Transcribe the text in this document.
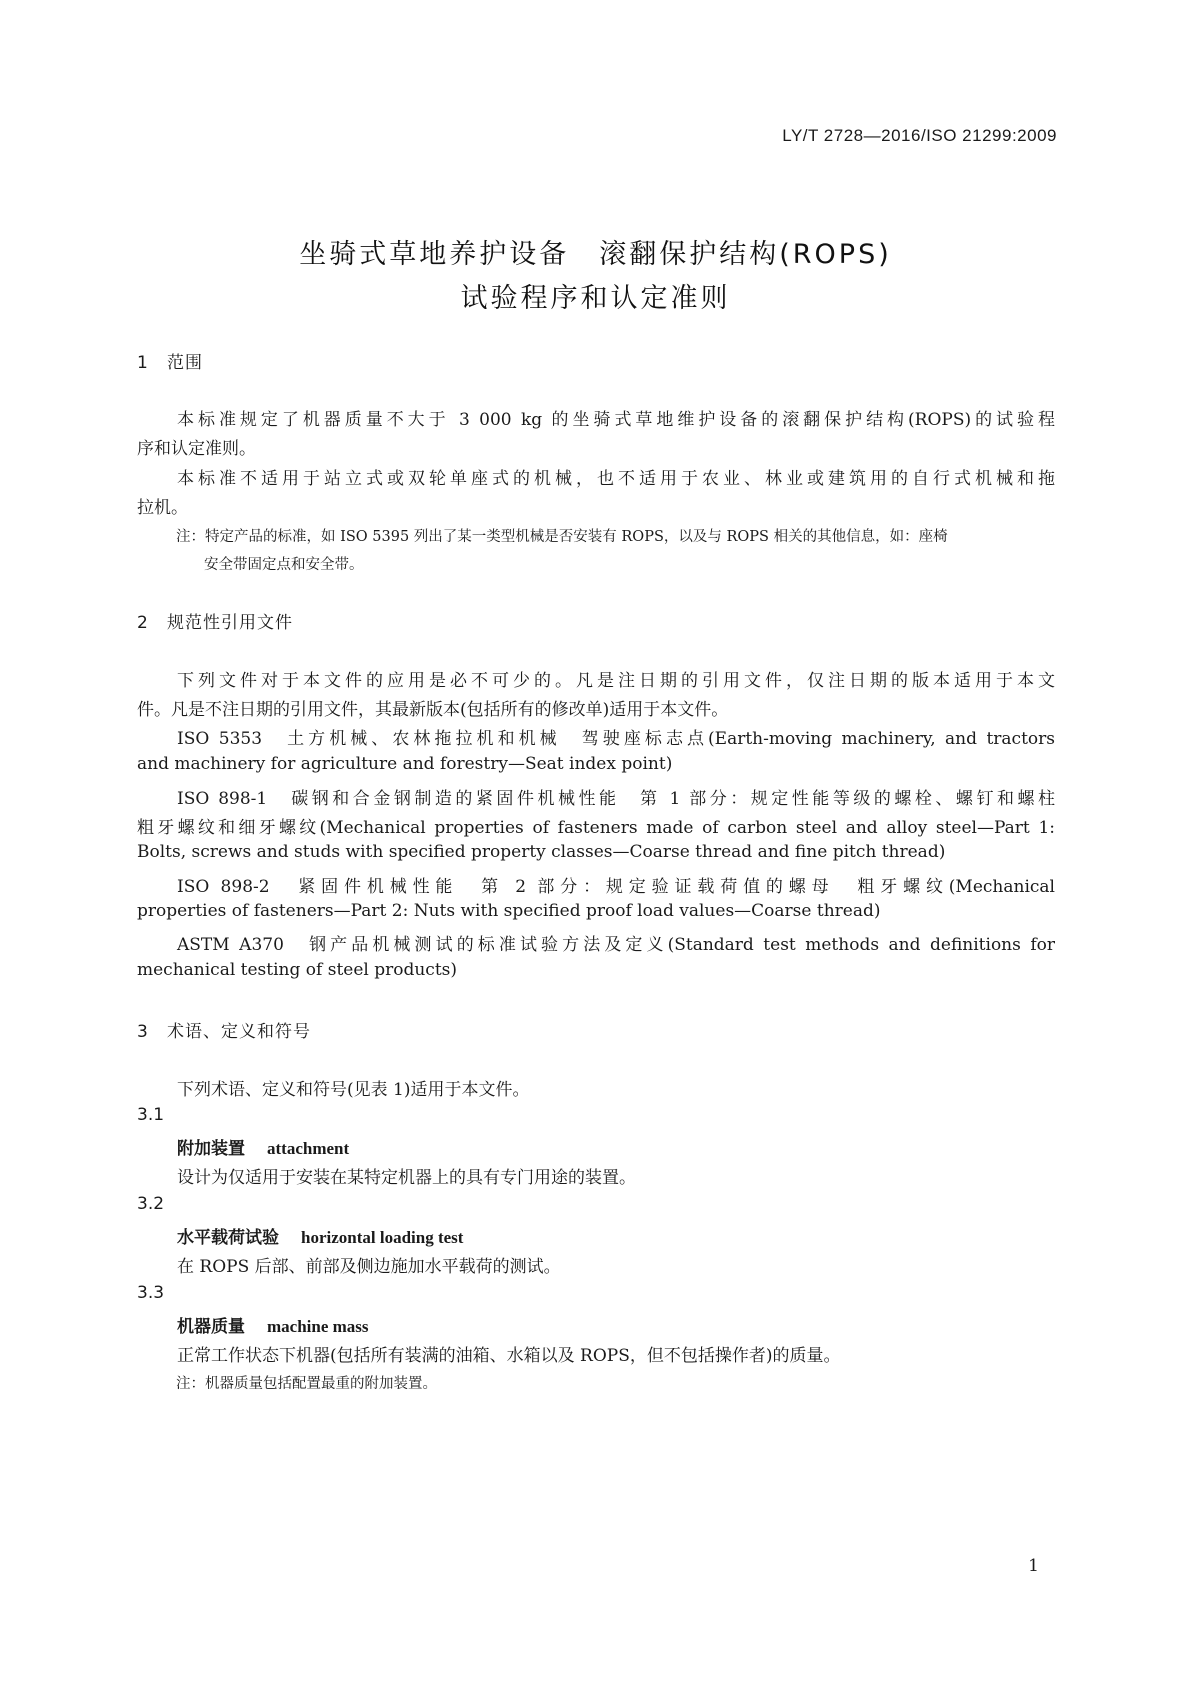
LY/T 2728—2016/ISO 21299:2009
坐骑式草地养护设备　滚翻保护结构(ROPS)
试验程序和认定准则
1 范围
本标准规定了机器质量不大于 3 000 kg 的坐骑式草地维护设备的滚翻保护结构(ROPS)的试验程
序和认定准则。
本标准不适用于站立式或双轮单座式的机械，也不适用于农业、林业或建筑用的自行式机械和拖
拉机。
注：特定产品的标准，如 ISO 5395 列出了某一类型机械是否安装有 ROPS，以及与 ROPS 相关的其他信息，如：座椅
安全带固定点和安全带。
2 规范性引用文件
下列文件对于本文件的应用是必不可少的。凡是注日期的引用文件，仅注日期的版本适用于本文
件。凡是不注日期的引用文件，其最新版本(包括所有的修改单)适用于本文件。
ISO 5353　土方机械、农林拖拉机和机械　驾驶座标志点(Earth-moving machinery, and tractors
and machinery for agriculture and forestry—Seat index point)
ISO 898-1　碳钢和合金钢制造的紧固件机械性能　第 1 部分：规定性能等级的螺栓、螺钉和螺柱
粗牙螺纹和细牙螺纹(Mechanical properties of fasteners made of carbon steel and alloy steel—Part 1:
Bolts, screws and studs with specified property classes—Coarse thread and fine pitch thread)
ISO 898-2　紧固件机械性能　第 2 部分：规定验证载荷值的螺母　粗牙螺纹(Mechanical
properties of fasteners—Part 2: Nuts with specified proof load values—Coarse thread)
ASTM A370　钢产品机械测试的标准试验方法及定义(Standard test methods and definitions for
mechanical testing of steel products)
3 术语、定义和符号
下列术语、定义和符号(见表 1)适用于本文件。
3.1
附加装置 attachment
设计为仅适用于安装在某特定机器上的具有专门用途的装置。
3.2
水平载荷试验 horizontal loading test
在 ROPS 后部、前部及侧边施加水平载荷的测试。
3.3
机器质量 machine mass
正常工作状态下机器(包括所有装满的油箱、水箱以及 ROPS，但不包括操作者)的质量。
注：机器质量包括配置最重的附加装置。
1
